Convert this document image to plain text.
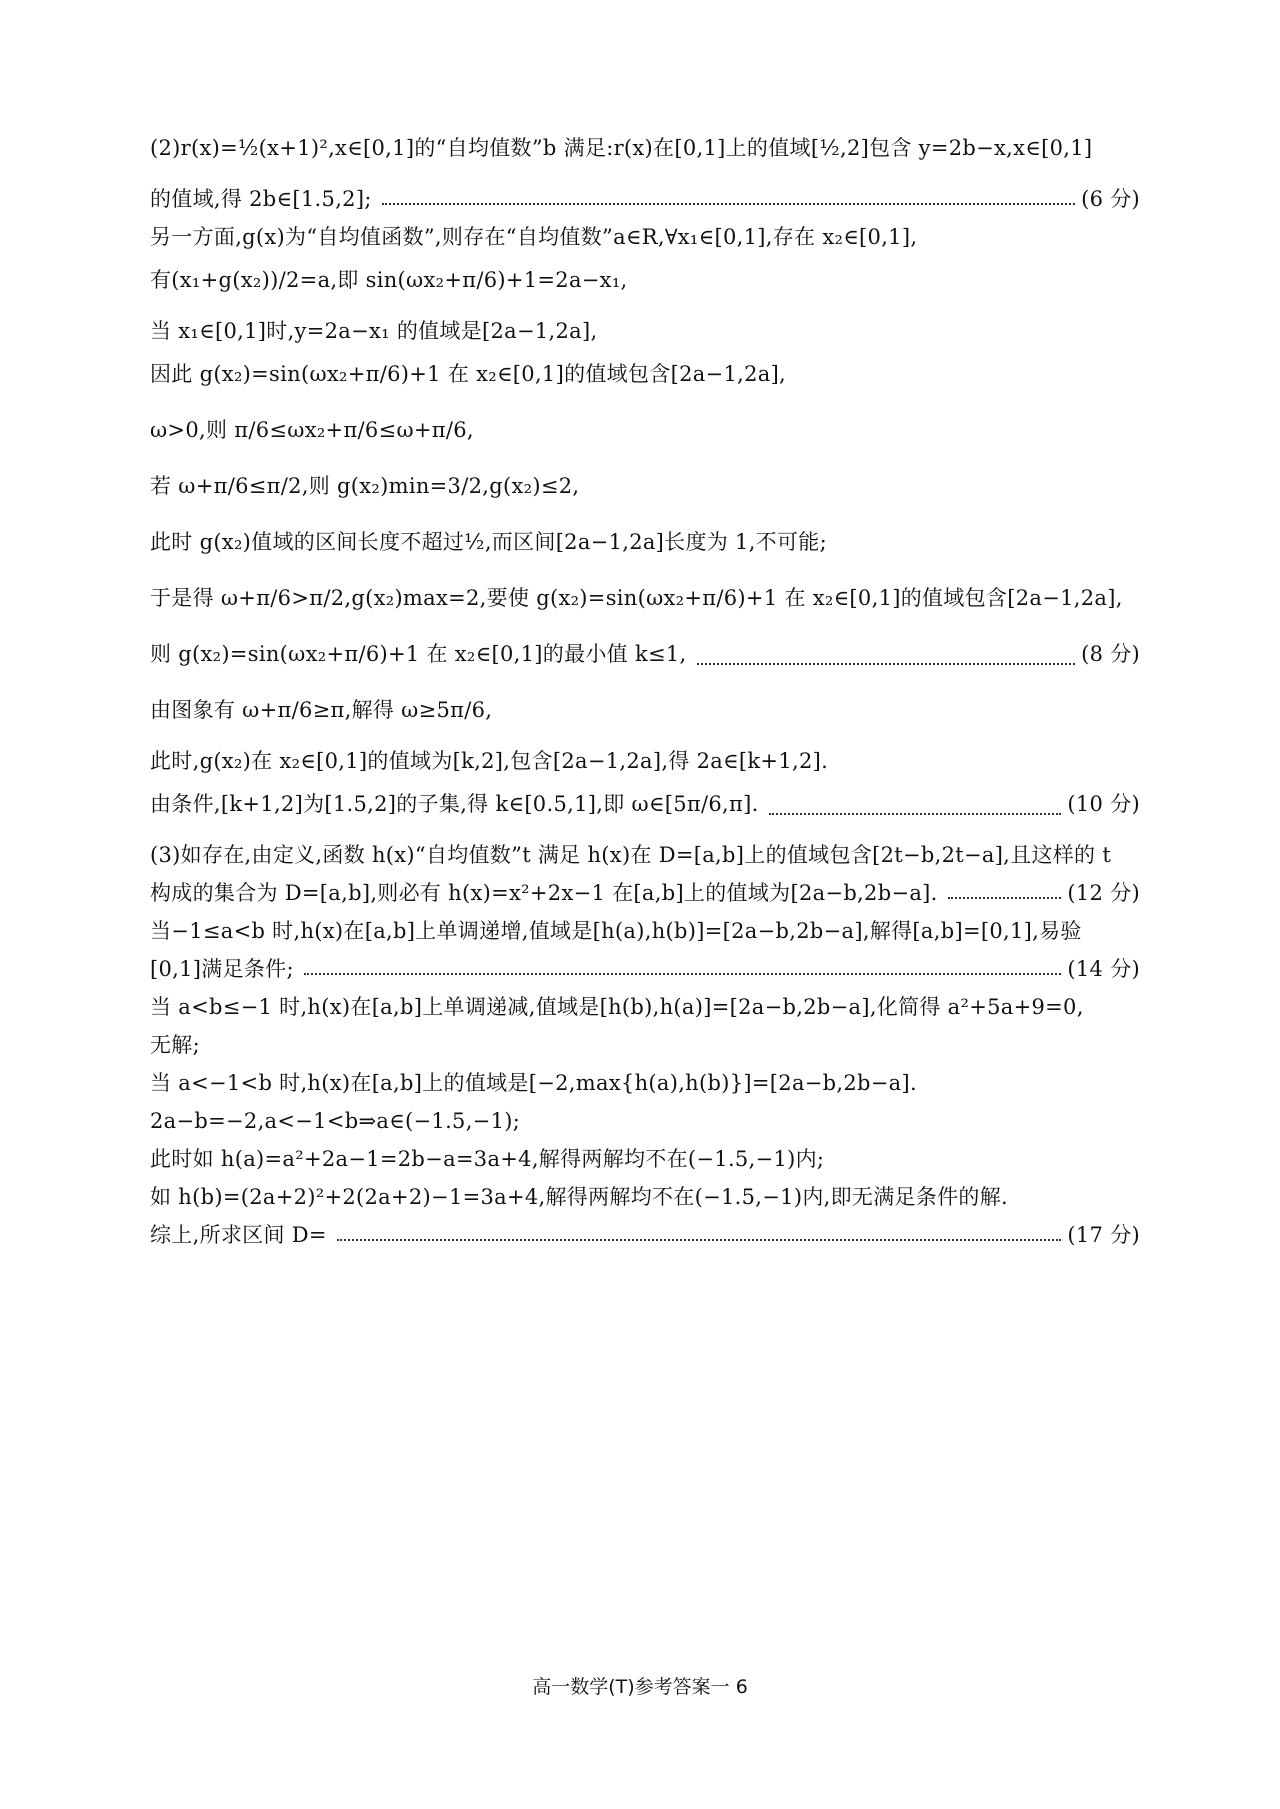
(2)r(x)=½(x+1)²,x∈[0,1]的“自均值数”b 满足:r(x)在[0,1]上的值域[½,2]包含 y=2b−x,x∈[0,1]
的值域,得 2b∈[1.5,2];	(6 分)
另一方面,g(x)为“自均值函数”,则存在“自均值数”a∈R,∀x₁∈[0,1],存在 x₂∈[0,1],
有(x₁+g(x₂))/2=a,即 sin(ωx₂+π/6)+1=2a−x₁,
当 x₁∈[0,1]时,y=2a−x₁ 的值域是[2a−1,2a],
因此 g(x₂)=sin(ωx₂+π/6)+1 在 x₂∈[0,1]的值域包含[2a−1,2a],
ω>0,则 π/6≤ωx₂+π/6≤ω+π/6,
若 ω+π/6≤π/2,则 g(x₂)min=3/2,g(x₂)≤2,
此时 g(x₂)值域的区间长度不超过½,而区间[2a−1,2a]长度为 1,不可能;
于是得 ω+π/6>π/2,g(x₂)max=2,要使 g(x₂)=sin(ωx₂+π/6)+1 在 x₂∈[0,1]的值域包含[2a−1,2a],
则 g(x₂)=sin(ωx₂+π/6)+1 在 x₂∈[0,1]的最小值 k≤1,	(8 分)
由图象有 ω+π/6≥π,解得 ω≥5π/6,
此时,g(x₂)在 x₂∈[0,1]的值域为[k,2],包含[2a−1,2a],得 2a∈[k+1,2].
由条件,[k+1,2]为[1.5,2]的子集,得 k∈[0.5,1],即 ω∈[5π/6,π].	(10 分)
(3)如存在,由定义,函数 h(x)“自均值数”t 满足 h(x)在 D=[a,b]上的值域包含[2t−b,2t−a],且这样的 t
构成的集合为 D=[a,b],则必有 h(x)=x²+2x−1 在[a,b]上的值域为[2a−b,2b−a].	(12 分)
当−1≤a<b 时,h(x)在[a,b]上单调递增,值域是[h(a),h(b)]=[2a−b,2b−a],解得[a,b]=[0,1],易验
[0,1]满足条件;	(14 分)
当 a<b≤−1 时,h(x)在[a,b]上单调递减,值域是[h(b),h(a)]=[2a−b,2b−a],化简得 a²+5a+9=0,
无解;
当 a<−1<b 时,h(x)在[a,b]上的值域是[−2,max{h(a),h(b)}]=[2a−b,2b−a].
2a−b=−2,a<−1<b⇒a∈(−1.5,−1);
此时如 h(a)=a²+2a−1=2b−a=3a+4,解得两解均不在(−1.5,−1)内;
如 h(b)=(2a+2)²+2(2a+2)−1=3a+4,解得两解均不在(−1.5,−1)内,即无满足条件的解.
综上,所求区间 D=	(17 分)
高一数学(T)参考答案一 6
